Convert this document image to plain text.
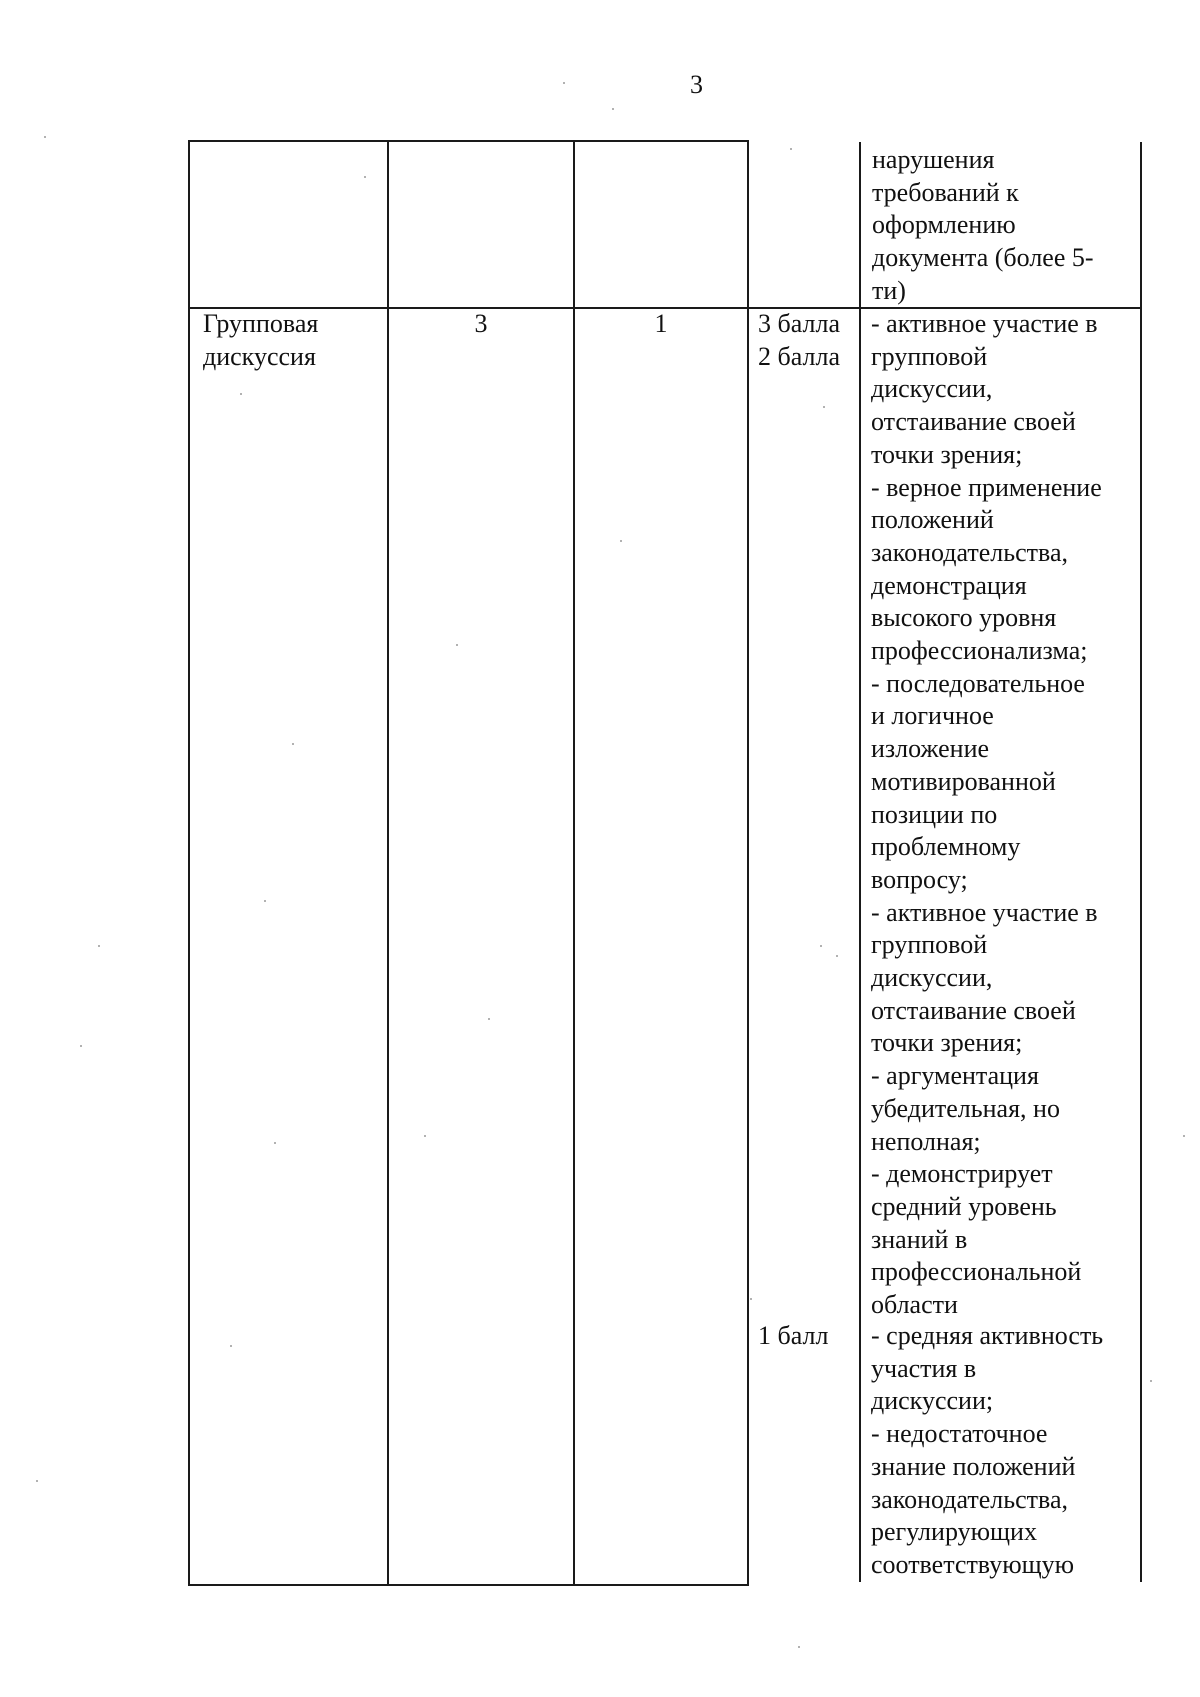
3
нарушения
требований к
оформлению
документа (более 5-
ти)
Групповая
дискуссия
3	1	3 балла
2 балла
1 балл
- активное участие в
групповой
дискуссии,
отстаивание своей
точки зрения;
- верное применение
положений
законодательства,
демонстрация
высокого уровня
профессионализма;
- последовательное
и логичное
изложение
мотивированной
позиции по
проблемному
вопросу;
- активное участие в
групповой
дискуссии,
отстаивание своей
точки зрения;
- аргументация
убедительная, но
неполная;
- демонстрирует
средний уровень
знаний в
профессиональной
области
- средняя активность
участия в
дискуссии;
- недостаточное
знание положений
законодательства,
регулирующих
соответствующую
